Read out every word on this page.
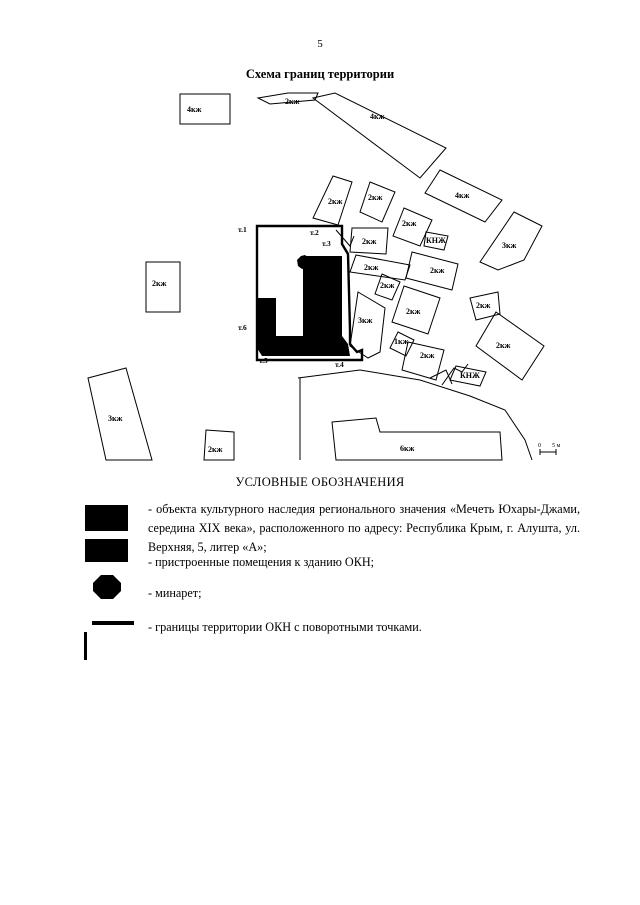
5
Схема границ территории
4кж
2кж
4кж
2кж	2кж	4кж
2кж
2кж
КНЖ
3кж
2кж	2кж
2кж	2кж
3кж
2кж
2кж
1кж
2кж
КНЖ
3кж
2кж	6кж
2кж
т.1	т.2
т.3
т.4
т.5
т.6
0 5 м
УСЛОВНЫЕ ОБОЗНАЧЕНИЯ
- объекта культурного наследия регионального значения «Мечеть Юхары-Джами, середина XIX века», расположенного по адресу: Республика Крым, г. Алушта, ул. Верхняя, 5, литер «А»;
- пристроенные помещения к зданию ОКН;
- минарет;
- границы территории ОКН с поворотными точками.
